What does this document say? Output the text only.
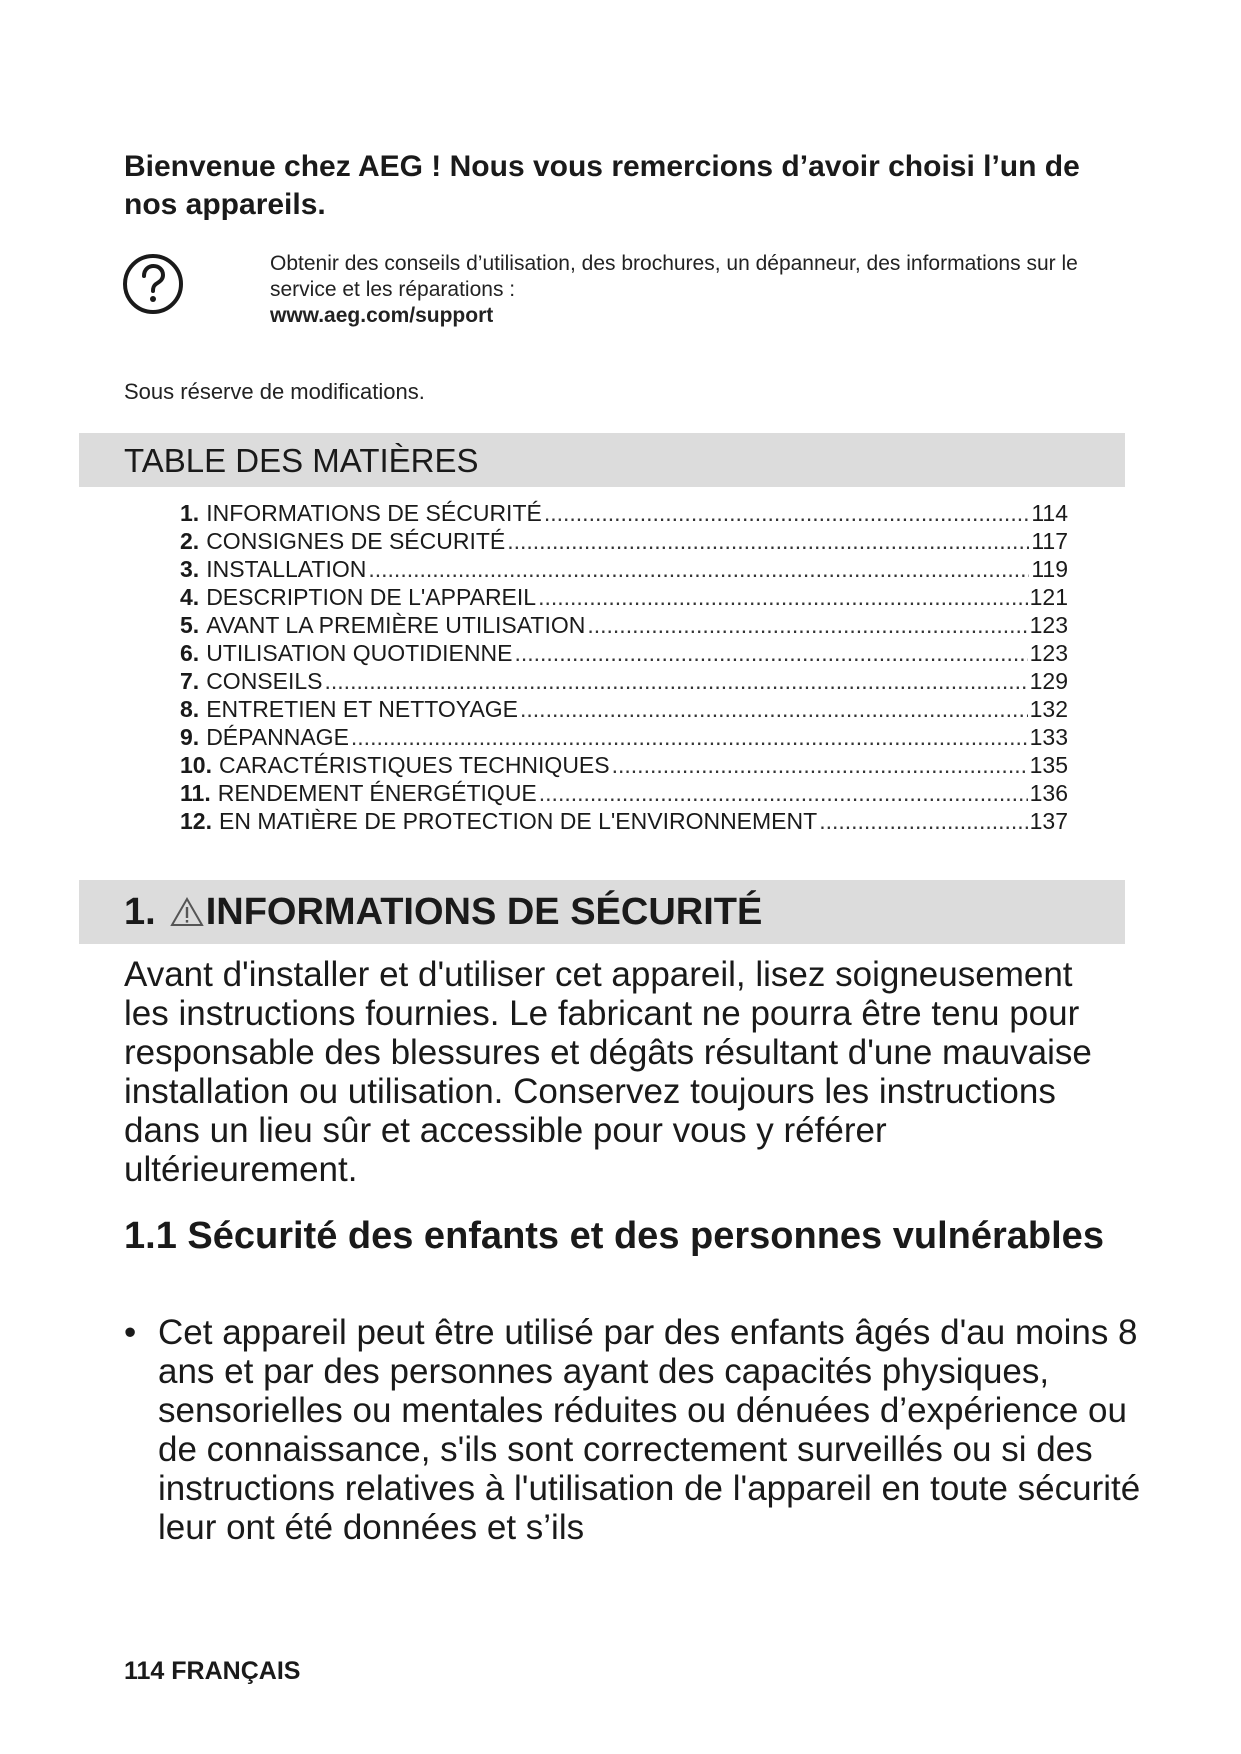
Bienvenue chez AEG ! Nous vous remercions d’avoir choisi l’un de nos appareils.
Obtenir des conseils d’utilisation, des brochures, un dépanneur, des informations sur le service et les réparations :
www.aeg.com/support
Sous réserve de modifications.
TABLE DES MATIÈRES
1. INFORMATIONS DE SÉCURITÉ .....	114
2. CONSIGNES DE SÉCURITÉ .....	117
3. INSTALLATION .....	119
4. DESCRIPTION DE L'APPAREIL .....	121
5. AVANT LA PREMIÈRE UTILISATION .....	123
6. UTILISATION QUOTIDIENNE .....	123
7. CONSEILS .....	129
8. ENTRETIEN ET NETTOYAGE .....	132
9. DÉPANNAGE .....	133
10. CARACTÉRISTIQUES TECHNIQUES .....	135
11. RENDEMENT ÉNERGÉTIQUE .....	136
12. EN MATIÈRE DE PROTECTION DE L'ENVIRONNEMENT .....	137
1. INFORMATIONS DE SÉCURITÉ

Avant d'installer et d'utiliser cet appareil, lisez soigneusement les instructions fournies. Le fabricant ne pourra être tenu pour responsable des blessures et dégâts résultant d'une mauvaise installation ou utilisation. Conservez toujours les instructions dans un lieu sûr et accessible pour vous y référer ultérieurement.

1.1 Sécurité des enfants et des personnes vulnérables

• Cet appareil peut être utilisé par des enfants âgés d'au moins 8 ans et par des personnes ayant des capacités physiques, sensorielles ou mentales réduites ou dénuées d’expérience ou de connaissance, s'ils sont correctement surveillés ou si des instructions relatives à l'utilisation de l'appareil en toute sécurité leur ont été données et s’ils

114 FRANÇAIS
